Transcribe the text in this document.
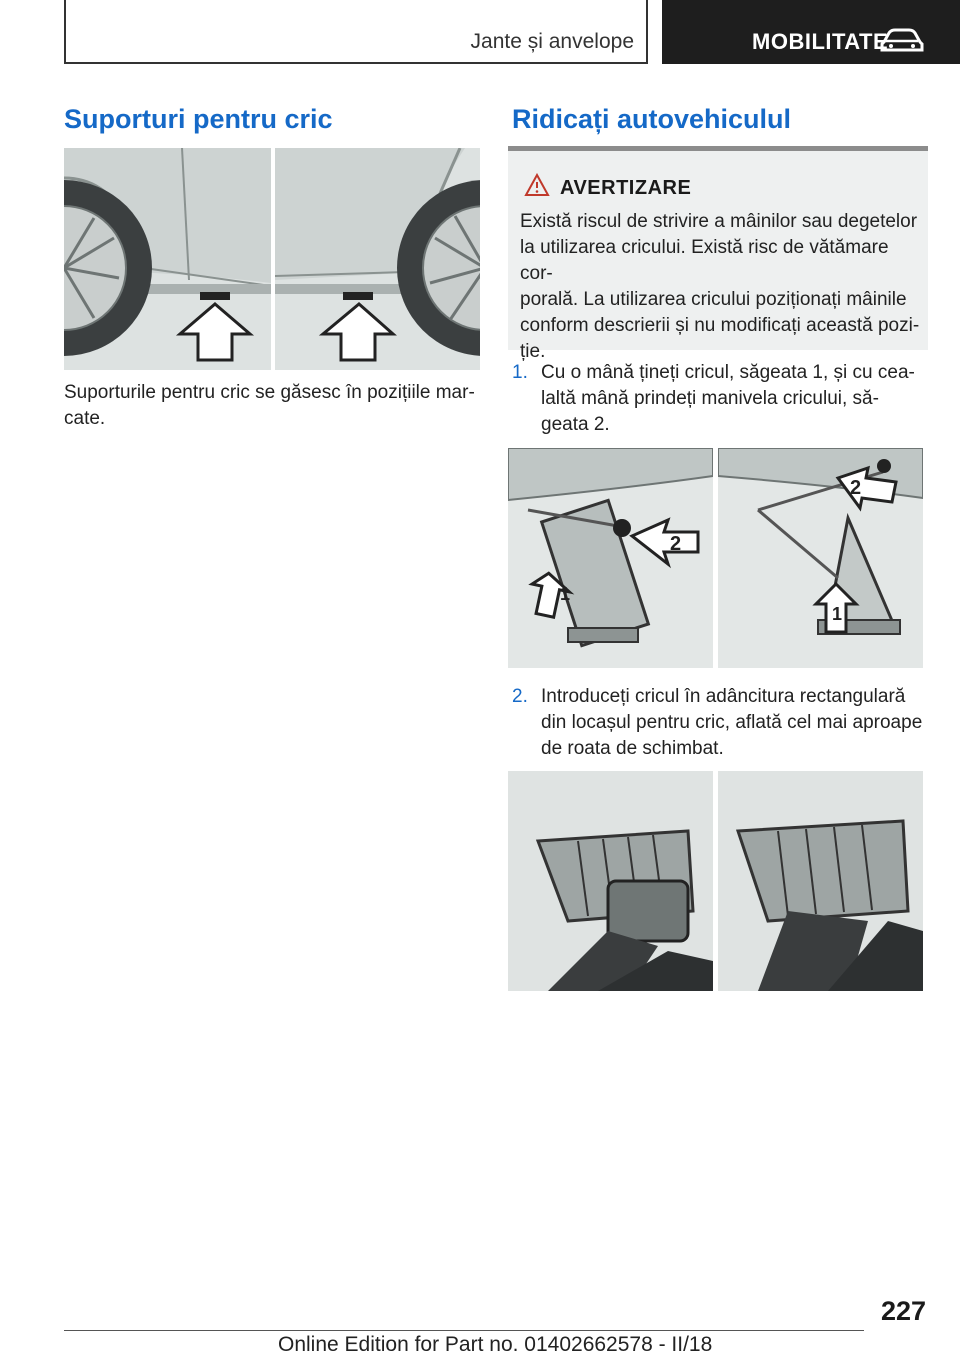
Jante și anvelope	MOBILITATE
Suporturi pentru cric
Suporturile pentru cric se găsesc în pozițiile mar-
cate.
Ridicați autovehiculul
AVERTIZARE
Există riscul de strivire a mâinilor sau degetelor
la utilizarea cricului. Există risc de vătămare cor-
porală. La utilizarea cricului poziționați mâinile
conform descrierii și nu modificați această pozi-
ție.
1. Cu o mână țineți cricul, săgeata 1, și cu cea-
laltă mână prindeți manivela cricului, să-
geata 2.
1
2
2
1
2. Introduceți cricul în adâncitura rectangulară
din locașul pentru cric, aflată cel mai aproape
de roata de schimbat.
227
Online Edition for Part no. 01402662578 - II/18
